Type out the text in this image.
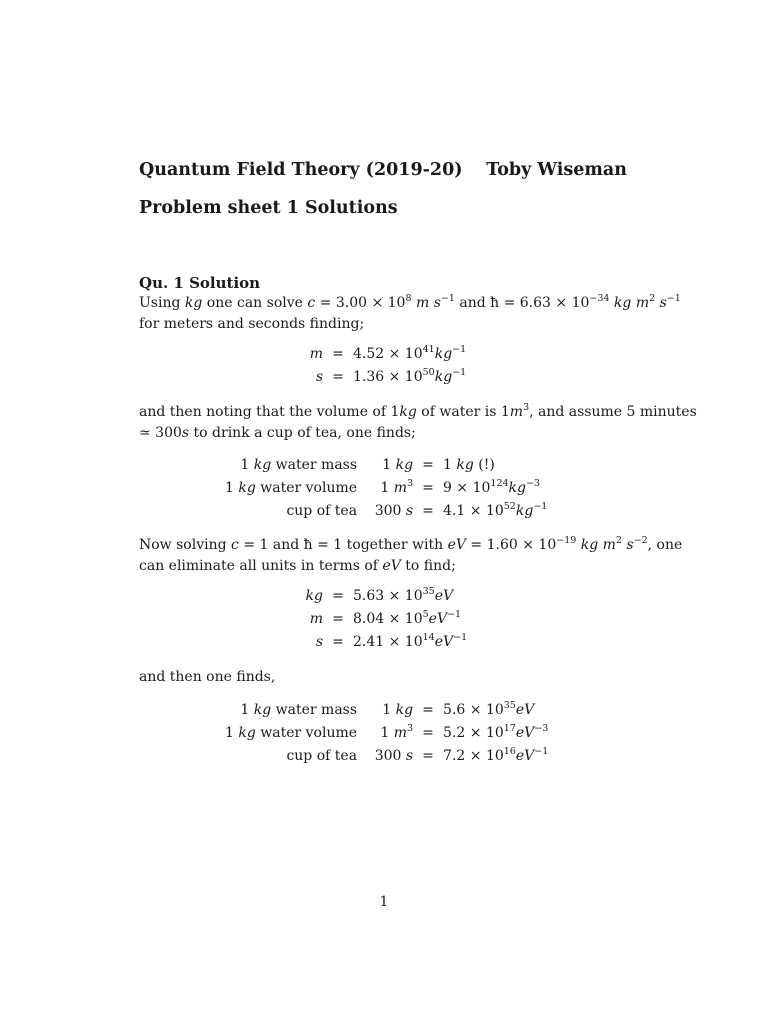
Quantum Field Theory (2019-20) Toby Wiseman
Problem sheet 1 Solutions
Qu. 1 Solution
Using kg one can solve $c = 3.00 \times 10^8$ m $s^{-1}$ and ħ = $6.63 \times 10^{-34}$ kg $m^2$ $s^{-1}$
for meters and seconds finding;
m	=	$4.52 \times 10^{41}kg^{-1}$
s	=	$1.36 \times 10^{50}kg^{-1}$
and then noting that the volume of 1kg of water is $1m^3$, and assume 5 minutes
≃ 300s to drink a cup of tea, one finds;
1 kg water mass	1 kg	=	1 kg (!)
1 kg water volume	1 $m^3$	=	$9 \times 10^{124}kg^{-3}$
cup of tea	300 s	=	$4.1 \times 10^{52}kg^{-1}$
Now solving c = 1 and ħ = 1 together with eV = $1.60 \times 10^{-19}$ kg $m^2$ $s^{-2}$, one
can eliminate all units in terms of eV to find;
kg	=	$5.63 \times 10^{35}eV$
m	=	$8.04 \times 10^5eV^{-1}$
s	=	$2.41 \times 10^{14}eV^{-1}$
and then one finds,
1 kg water mass	1 kg	=	$5.6 \times 10^{35}eV$
1 kg water volume	1 $m^3$	=	$5.2 \times 10^{17}eV^{-3}$
cup of tea	300 s	=	$7.2 \times 10^{16}eV^{-1}$
1
